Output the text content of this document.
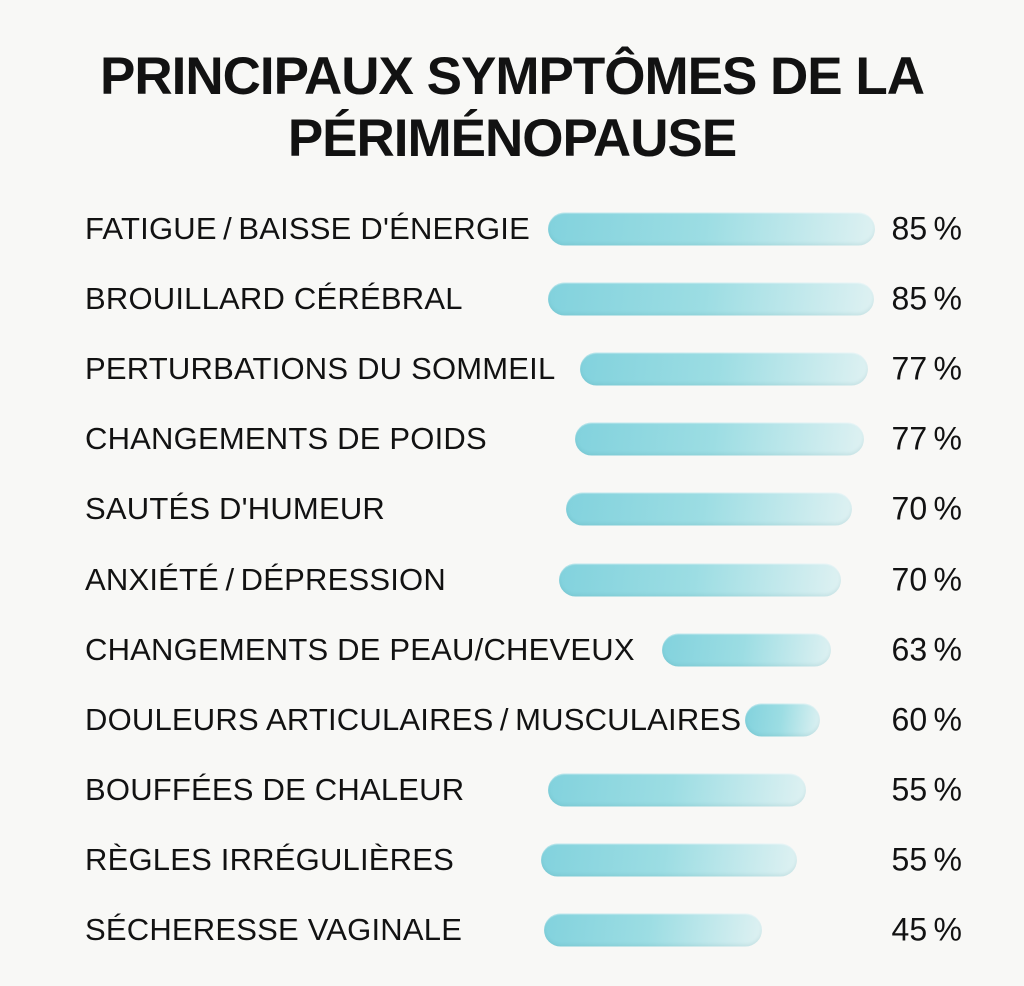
PRINCIPAUX SYMPTÔMES DE LA
PÉRIMÉNOPAUSE
FATIGUE / BAISSE D'ÉNERGIE	85 %
BROUILLARD CÉRÉBRAL	85 %
PERTURBATIONS DU SOMMEIL	77 %
CHANGEMENTS DE POIDS	77 %
SAUTÉS D'HUMEUR	70 %
ANXIÉTÉ / DÉPRESSION	70 %
CHANGEMENTS DE PEAU/CHEVEUX	63 %
DOULEURS ARTICULAIRES / MUSCULAIRES	60 %
BOUFFÉES DE CHALEUR	55 %
RÈGLES IRRÉGULIÈRES	55 %
SÉCHERESSE VAGINALE	45 %
